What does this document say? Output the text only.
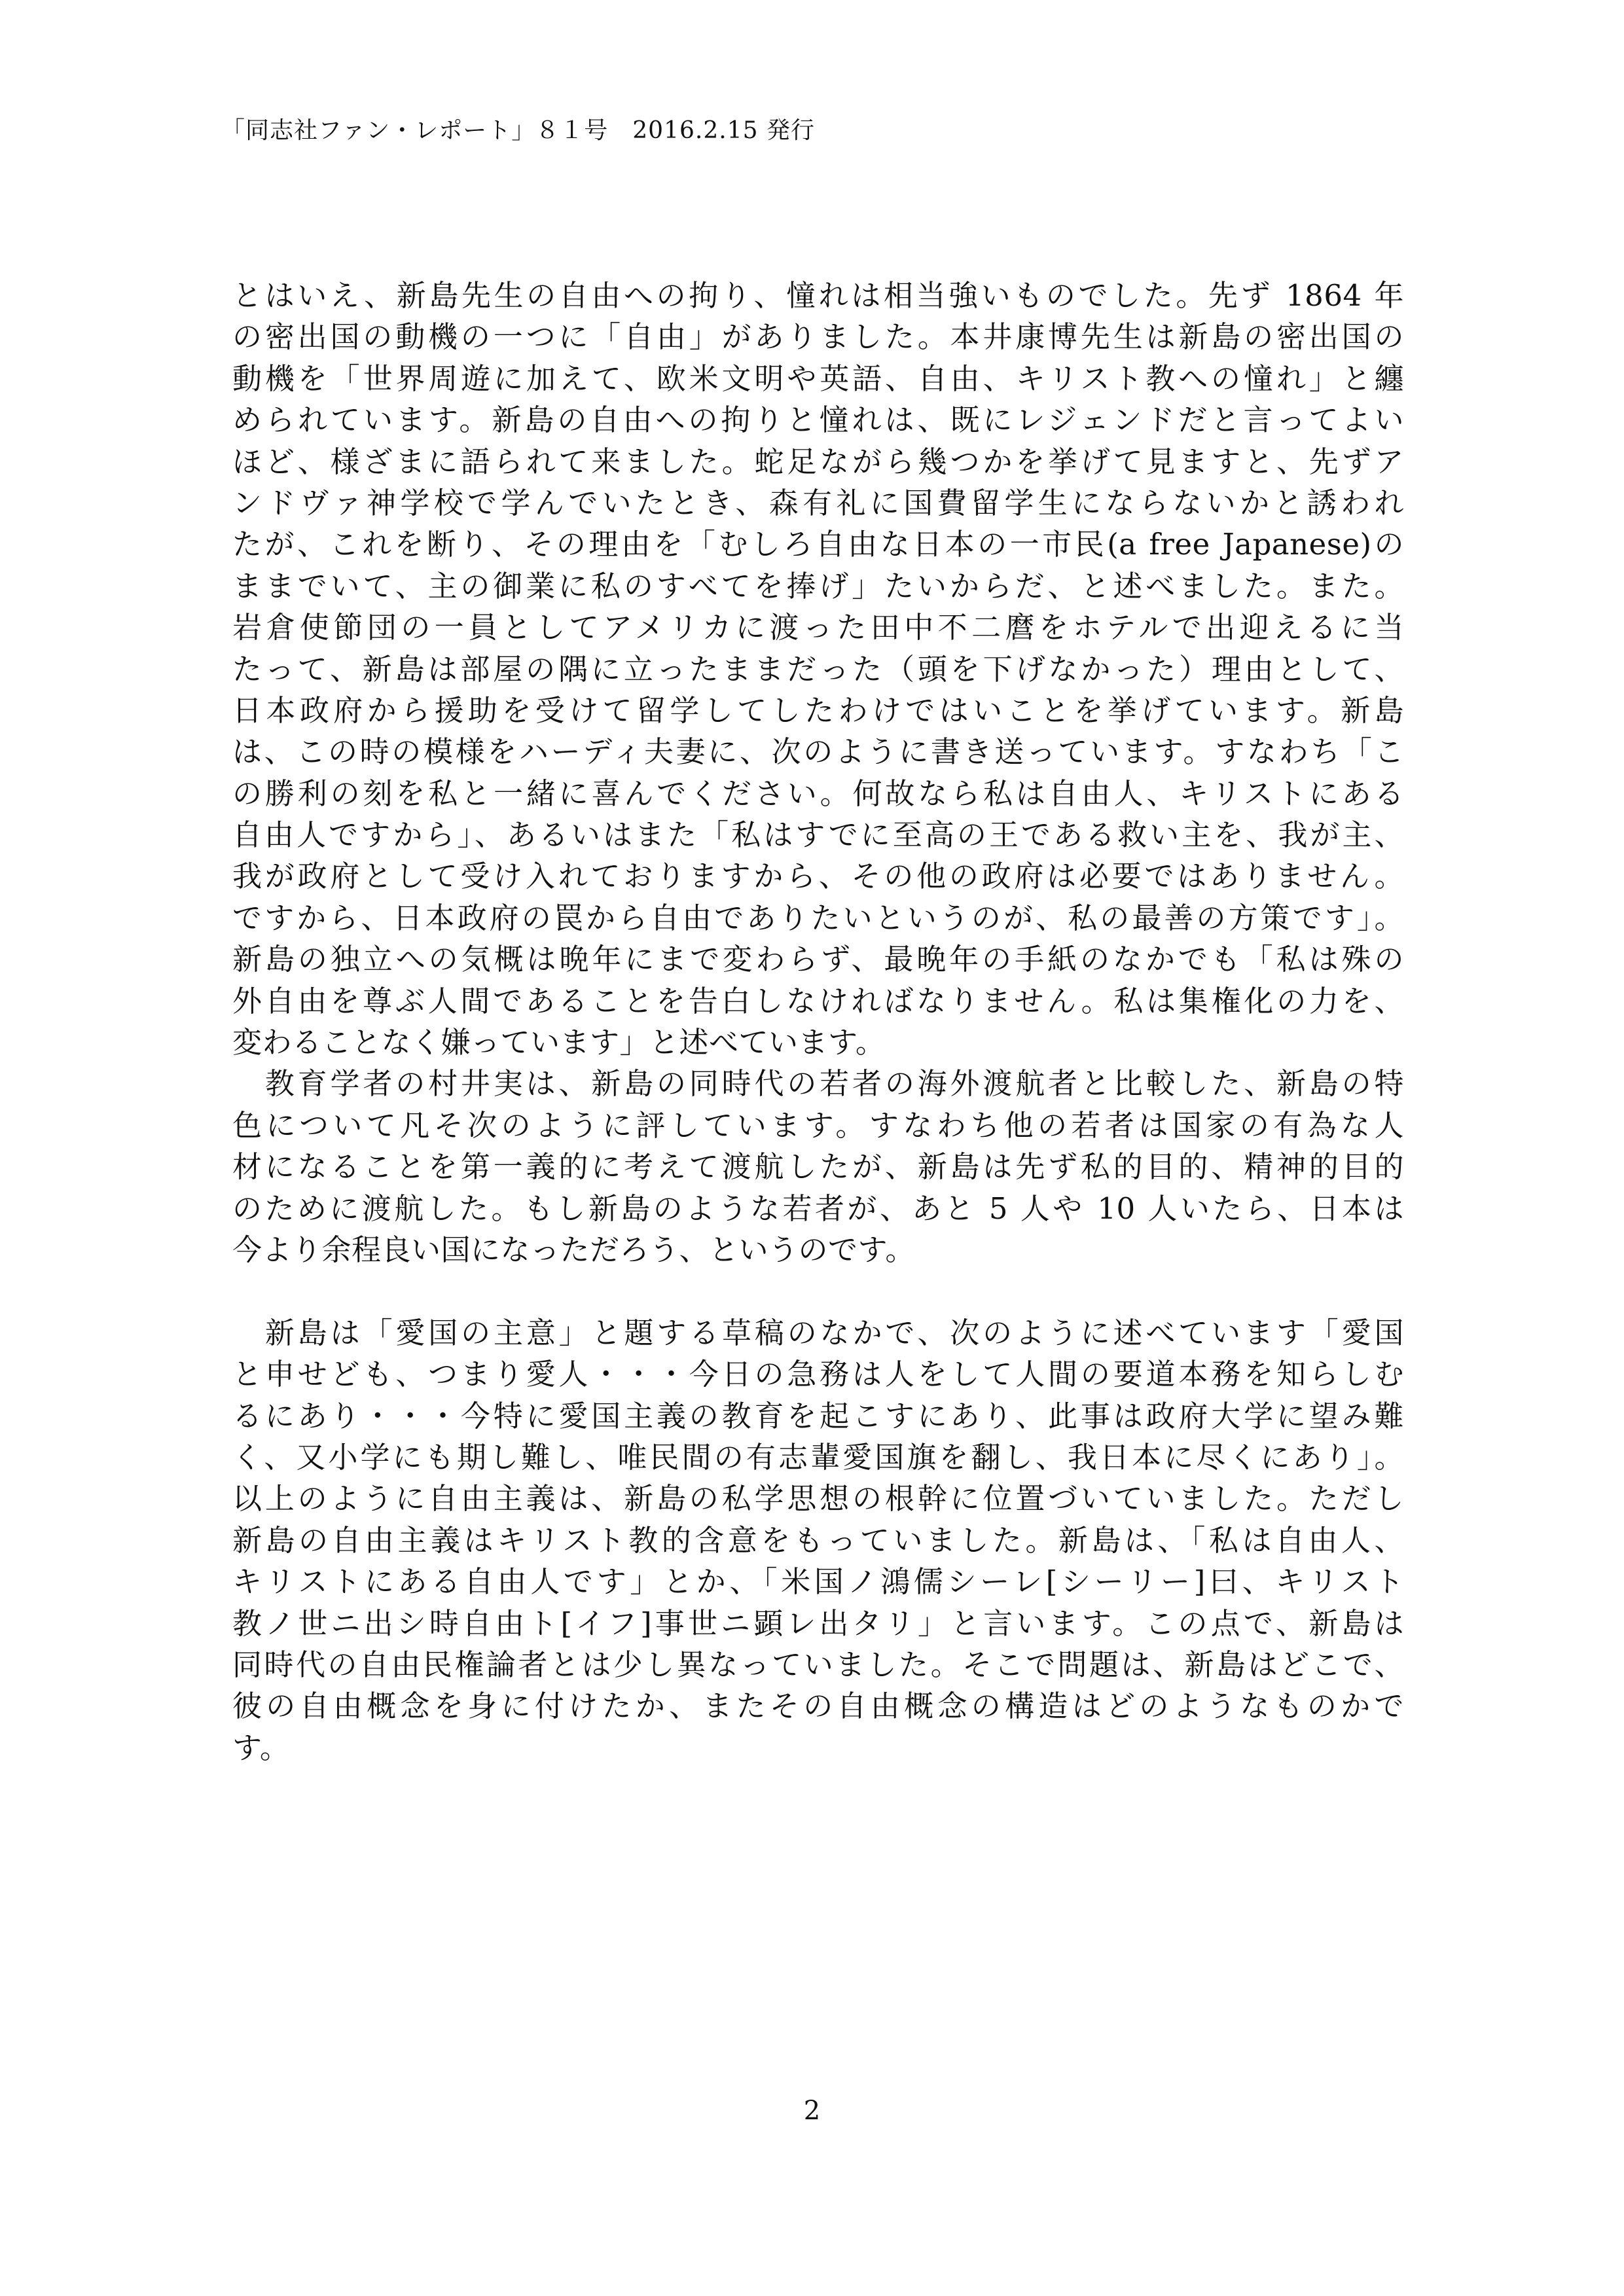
「同志社ファン・レポート」８１号　2016.2.15 発行
とはいえ、新島先生の自由への拘り、憧れは相当強いものでした。先ず 1864 年
の密出国の動機の一つに「自由」がありました。本井康博先生は新島の密出国の
動機を「世界周遊に加えて、欧米文明や英語、自由、キリスト教への憧れ」と纏
められています。新島の自由への拘りと憧れは、既にレジェンドだと言ってよい
ほど、様ざまに語られて来ました。蛇足ながら幾つかを挙げて見ますと、先ずア
ンドヴァ神学校で学んでいたとき、森有礼に国費留学生にならないかと誘われ
たが、これを断り、その理由を「むしろ自由な日本の一市民(a free Japanese)の
ままでいて、主の御業に私のすべてを捧げ」たいからだ、と述べました。また。
岩倉使節団の一員としてアメリカに渡った田中不二麿をホテルで出迎えるに当
たって、新島は部屋の隅に立ったままだった（頭を下げなかった）理由として、
日本政府から援助を受けて留学してしたわけではいことを挙げています。新島
は、この時の模様をハーディ夫妻に、次のように書き送っています。すなわち「こ
の勝利の刻を私と一緒に喜んでください。何故なら私は自由人、キリストにある
自由人ですから」、あるいはまた「私はすでに至高の王である救い主を、我が主、
我が政府として受け入れておりますから、その他の政府は必要ではありません。
ですから、日本政府の罠から自由でありたいというのが、私の最善の方策です」。
新島の独立への気概は晩年にまで変わらず、最晩年の手紙のなかでも「私は殊の
外自由を尊ぶ人間であることを告白しなければなりません。私は集権化の力を、
変わることなく嫌っています」と述べています。
　教育学者の村井実は、新島の同時代の若者の海外渡航者と比較した、新島の特
色について凡そ次のように評しています。すなわち他の若者は国家の有為な人
材になることを第一義的に考えて渡航したが、新島は先ず私的目的、精神的目的
のために渡航した。もし新島のような若者が、あと 5 人や 10 人いたら、日本は
今より余程良い国になっただろう、というのです。
　新島は「愛国の主意」と題する草稿のなかで、次のように述べています「愛国
と申せども、つまり愛人・・・今日の急務は人をして人間の要道本務を知らしむ
るにあり・・・今特に愛国主義の教育を起こすにあり、此事は政府大学に望み難
く、又小学にも期し難し、唯民間の有志輩愛国旗を翻し、我日本に尽くにあり」。
以上のように自由主義は、新島の私学思想の根幹に位置づいていました。ただし
新島の自由主義はキリスト教的含意をもっていました。新島は、「私は自由人、
キリストにある自由人です」とか、「米国ノ鴻儒シーレ[シーリー]曰、キリスト
教ノ世ニ出シ時自由ト[イフ]事世ニ顕レ出タリ」と言います。この点で、新島は
同時代の自由民権論者とは少し異なっていました。そこで問題は、新島はどこで、
彼の自由概念を身に付けたか、またその自由概念の構造はどのようなものかで
す。
2
